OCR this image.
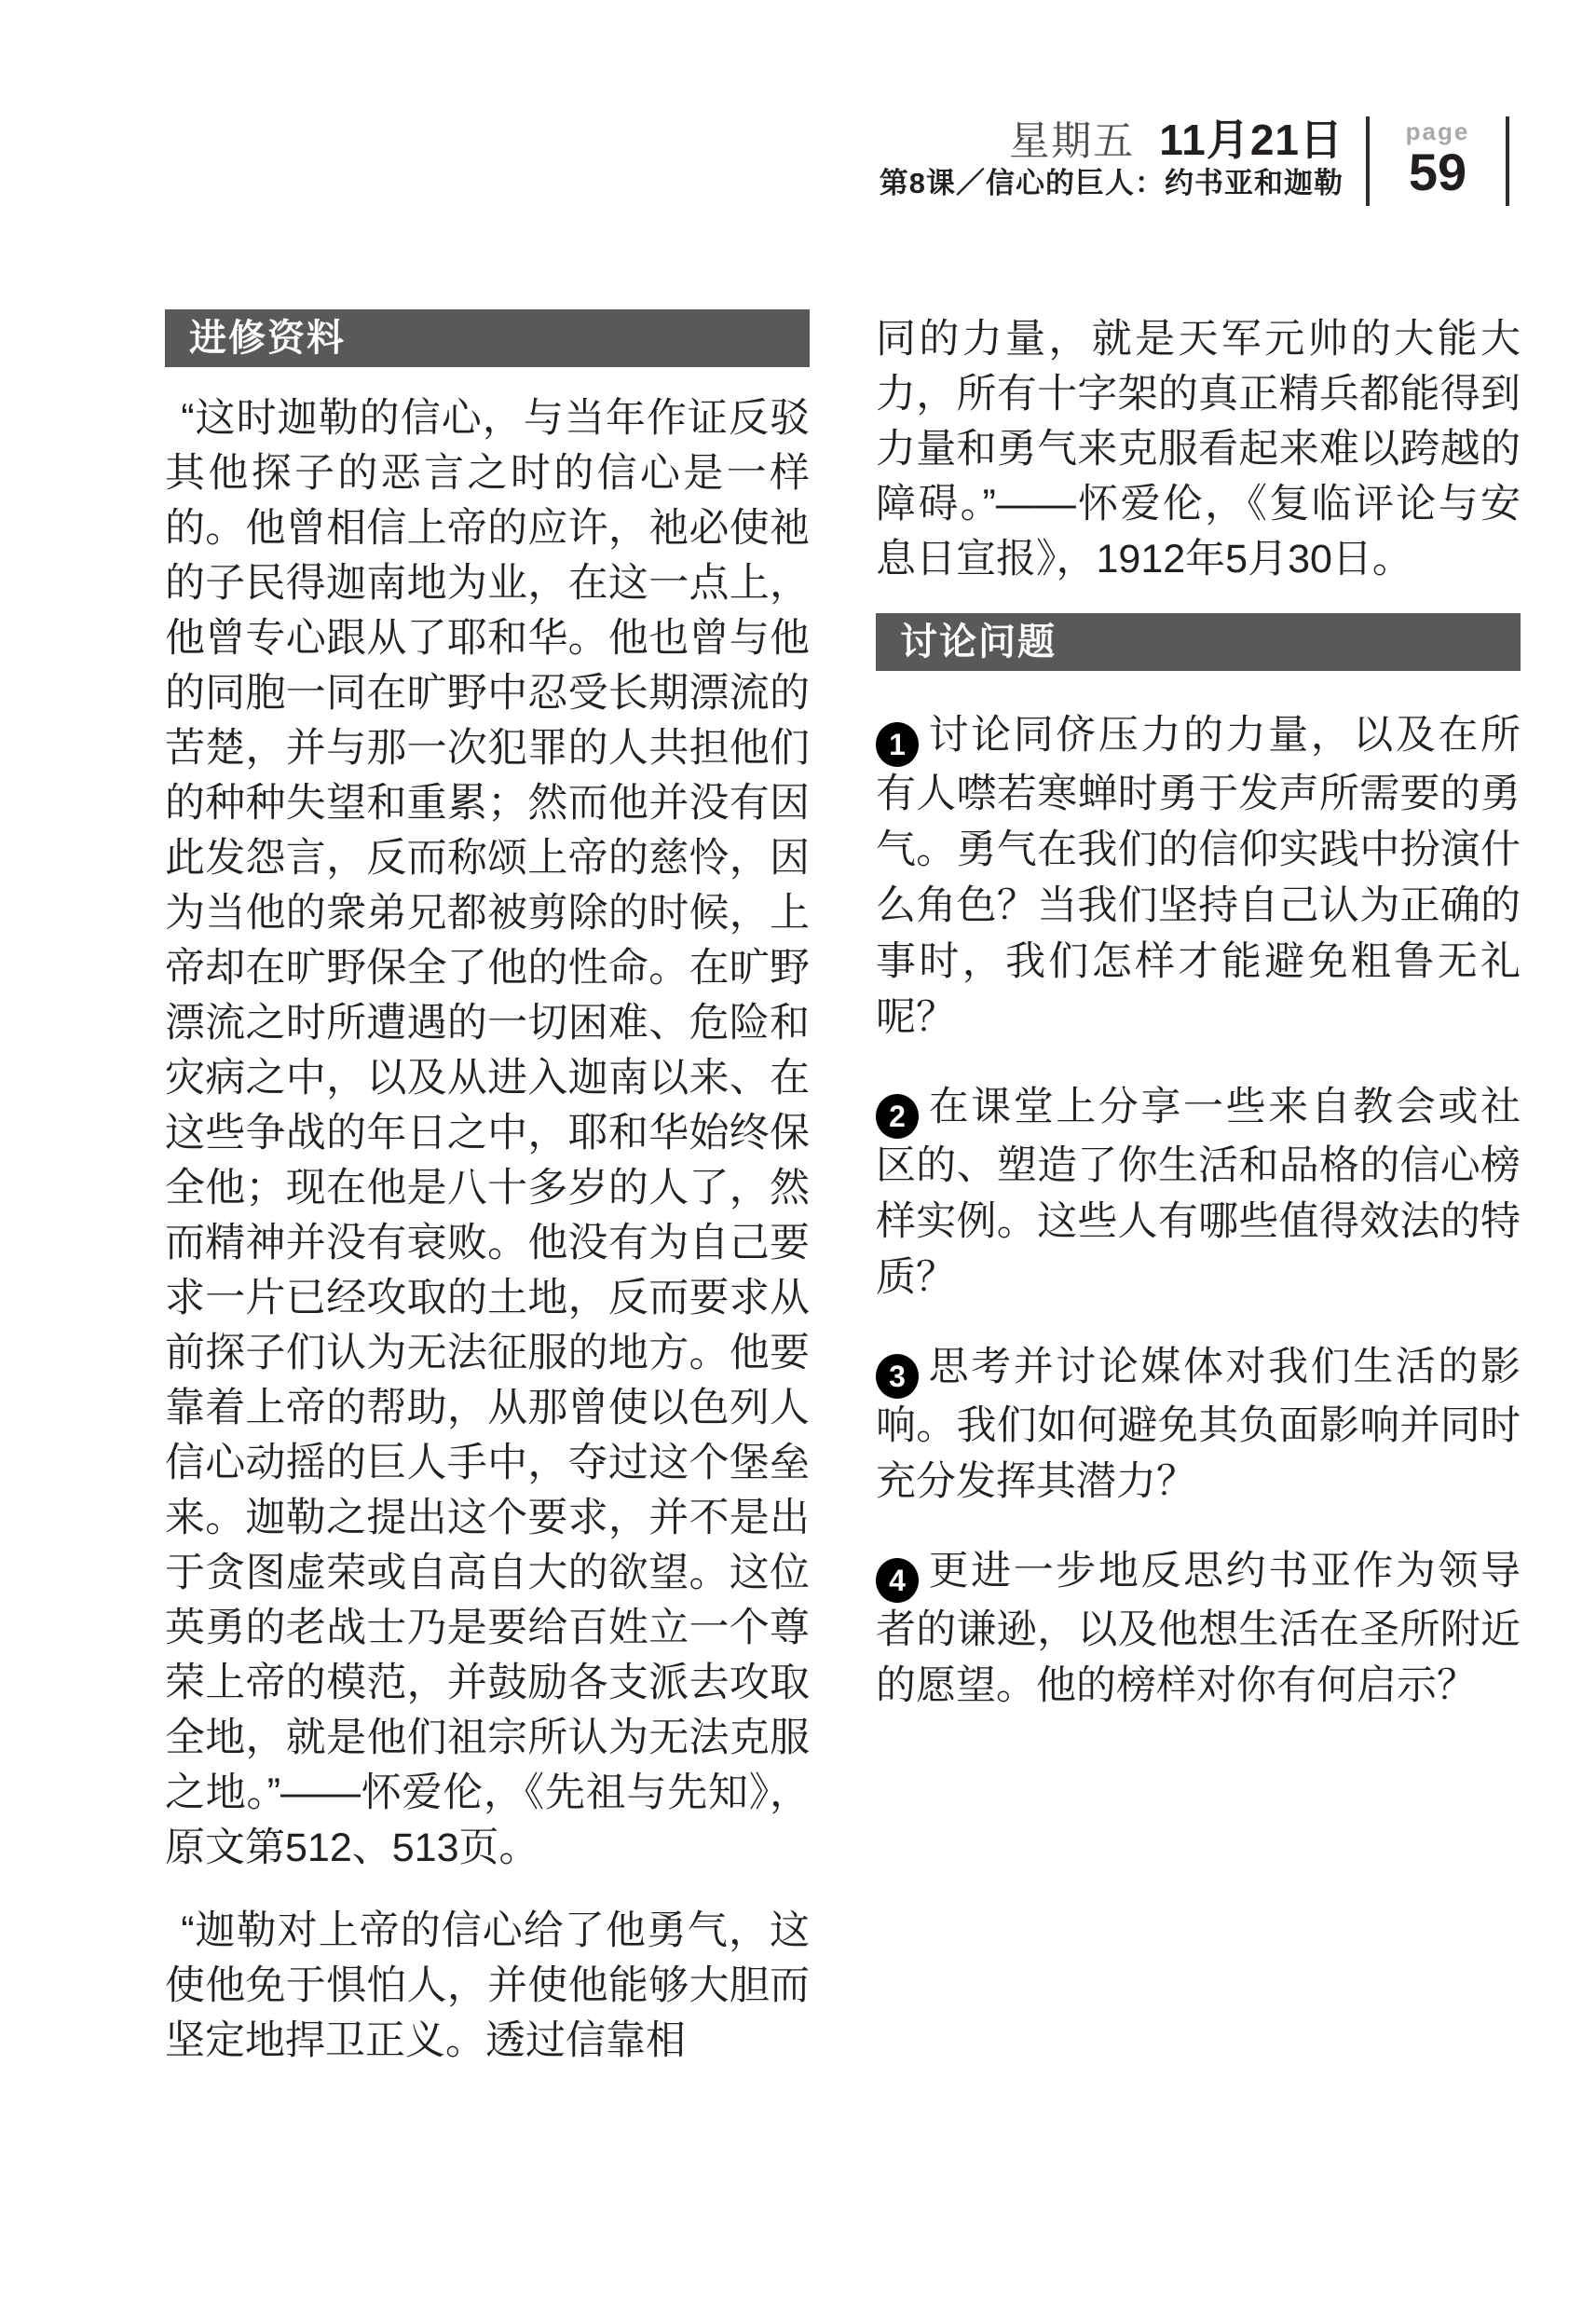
星期五 11月21日
第8课／信心的巨人：约书亚和迦勒
page
59
进修资料

“这时迦勒的信心，与当年作证反驳其他探子的恶言之时的信心是一样的。他曾相信上帝的应许，祂必使祂的子民得迦南地为业，在这一点上，他曾专心跟从了耶和华。他也曾与他的同胞一同在旷野中忍受长期漂流的苦楚，并与那一次犯罪的人共担他们的种种失望和重累；然而他并没有因此发怨言，反而称颂上帝的慈怜，因为当他的衆弟兄都被剪除的时候，上帝却在旷野保全了他的性命。在旷野漂流之时所遭遇的一切困难、危险和灾病之中，以及从进入迦南以来、在这些争战的年日之中，耶和华始终保全他；现在他是八十多岁的人了，然而精神并没有衰败。他没有为自己要求一片已经攻取的土地，反而要求从前探子们认为无法征服的地方。他要靠着上帝的帮助，从那曾使以色列人信心动摇的巨人手中，夺过这个堡垒来。迦勒之提出这个要求，并不是出于贪图虚荣或自高自大的欲望。这位英勇的老战士乃是要给百姓立一个尊荣上帝的模范，并鼓励各支派去攻取全地，就是他们祖宗所认为无法克服之地。”——怀爱伦，《先祖与先知》，原文第512、513页。

“迦勒对上帝的信心给了他勇气，这使他免于惧怕人，并使他能够大胆而坚定地捍卫正义。透过信靠相

同的力量，就是天军元帅的大能大力，所有十字架的真正精兵都能得到力量和勇气来克服看起来难以跨越的障碍。”——怀爱伦，《复临评论与安息日宣报》，1912年5月30日。

讨论问题

1 讨论同侪压力的力量，以及在所有人噤若寒蝉时勇于发声所需要的勇气。勇气在我们的信仰实践中扮演什么角色？当我们坚持自己认为正确的事时，我们怎样才能避免粗鲁无礼呢？

2 在课堂上分享一些来自教会或社区的、塑造了你生活和品格的信心榜样实例。这些人有哪些值得效法的特质？

3 思考并讨论媒体对我们生活的影响。我们如何避免其负面影响并同时充分发挥其潜力？

4 更进一步地反思约书亚作为领导者的谦逊，以及他想生活在圣所附近的愿望。他的榜样对你有何启示？
